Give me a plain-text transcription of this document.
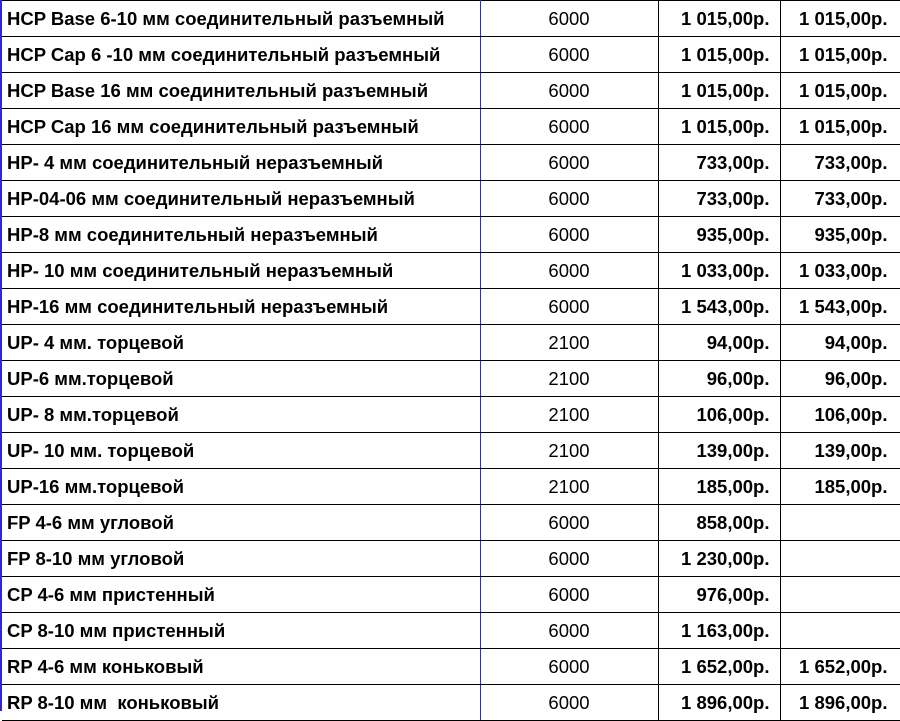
HCP Base 6-10 мм соединительный разъемный	6000	1 015,00р.	1 015,00р.
HCP Cap 6 -10 мм соединительный разъемный	6000	1 015,00р.	1 015,00р.
HCP Base 16 мм соединительный разъемный	6000	1 015,00р.	1 015,00р.
HCP Cap 16 мм соединительный разъемный	6000	1 015,00р.	1 015,00р.
HP- 4 мм соединительный неразъемный	6000	733,00р.	733,00р.
HP-04-06 мм соединительный неразъемный	6000	733,00р.	733,00р.
HP-8 мм соединительный неразъемный	6000	935,00р.	935,00р.
HP- 10 мм соединительный неразъемный	6000	1 033,00р.	1 033,00р.
HP-16 мм соединительный неразъемный	6000	1 543,00р.	1 543,00р.
UP- 4 мм. торцевой	2100	94,00р.	94,00р.
UP-6 мм.торцевой	2100	96,00р.	96,00р.
UP- 8 мм.торцевой	2100	106,00р.	106,00р.
UP- 10 мм. торцевой	2100	139,00р.	139,00р.
UP-16 мм.торцевой	2100	185,00р.	185,00р.
FP 4-6 мм угловой	6000	858,00р.	
FP 8-10 мм угловой	6000	1 230,00р.	
CP 4-6 мм пристенный	6000	976,00р.	
CP 8-10 мм пристенный	6000	1 163,00р.	
RP 4-6 мм коньковый	6000	1 652,00р.	1 652,00р.
RP 8-10 мм  коньковый	6000	1 896,00р.	1 896,00р.
